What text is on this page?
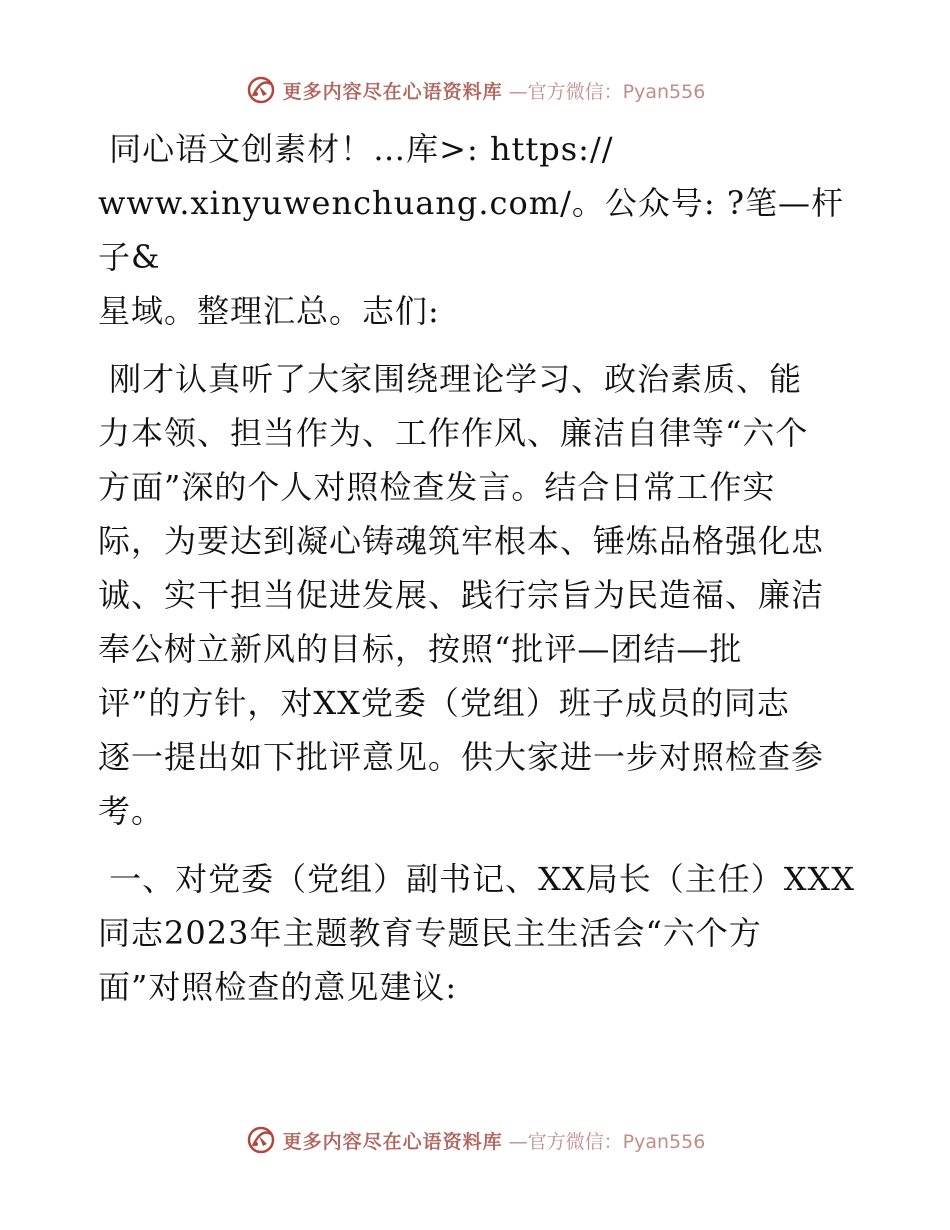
更多内容尽在心语资料库 —官方微信：Pyan556

同心语文创素材！…库>: https://
www.xinyuwenchuang.com/。公众号: ?笔—杆子&
星域。整理汇总。志们:

刚才认真听了大家围绕理论学习、政治素质、能
力本领、担当作为、工作作风、廉洁自律等“六个
方面”深的个人对照检查发言。结合日常工作实
际，为要达到凝心铸魂筑牢根本、锤炼品格强化忠
诚、实干担当促进发展、践行宗旨为民造福、廉洁
奉公树立新风的目标，按照“批评—团结—批
评”的方针，对XX党委（党组）班子成员的同志
逐一提出如下批评意见。供大家进一步对照检查参
考。

一、对党委（党组）副书记、XX局长（主任）XXX
同志2023年主题教育专题民主生活会“六个方
面”对照检查的意见建议:

更多内容尽在心语资料库 —官方微信：Pyan556
